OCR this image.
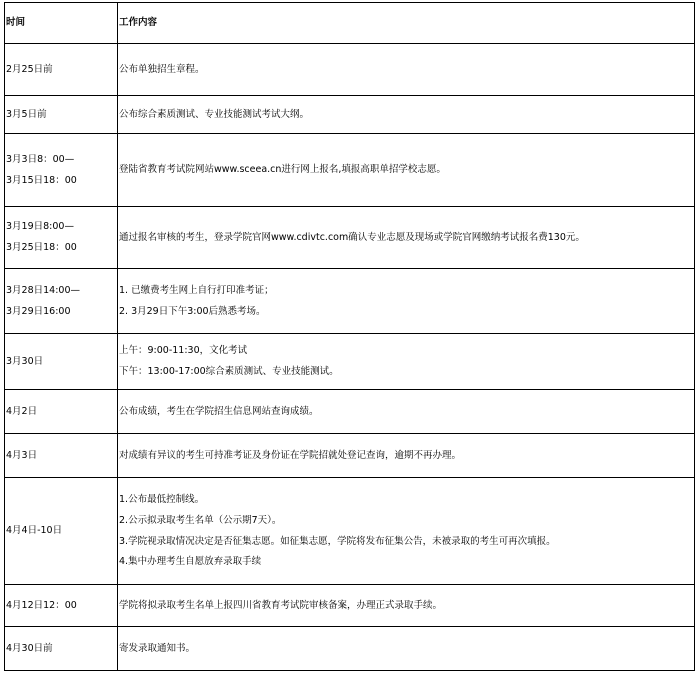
时间	工作内容

2月25日前	公布单独招生章程。

3月5日前	公布综合素质测试、专业技能测试考试大纲。

3月3日8：00—
3月15日18：00	登陆省教育考试院网站www.sceea.cn进行网上报名,填报高职单招学校志愿。

3月19日8:00—
3月25日18：00	通过报名审核的考生，登录学院官网www.cdivtc.com确认专业志愿及现场或学院官网缴纳考试报名费130元。

3月28日14:00—
3月29日16:00	1. 已缴费考生网上自行打印准考证；
2. 3月29日下午3:00后熟悉考场。

3月30日	上午：9:00-11:30，文化考试
下午：13:00-17:00综合素质测试、专业技能测试。

4月2日	公布成绩，考生在学院招生信息网站查询成绩。

4月3日	对成绩有异议的考生可持准考证及身份证在学院招就处登记查询，逾期不再办理。

4月4日-10日	1.公布最低控制线。
2.公示拟录取考生名单（公示期7天）。
3.学院视录取情况决定是否征集志愿。如征集志愿，学院将发布征集公告，未被录取的考生可再次填报。
4.集中办理考生自愿放弃录取手续

4月12日12：00	学院将拟录取考生名单上报四川省教育考试院审核备案，办理正式录取手续。

4月30日前	寄发录取通知书。
